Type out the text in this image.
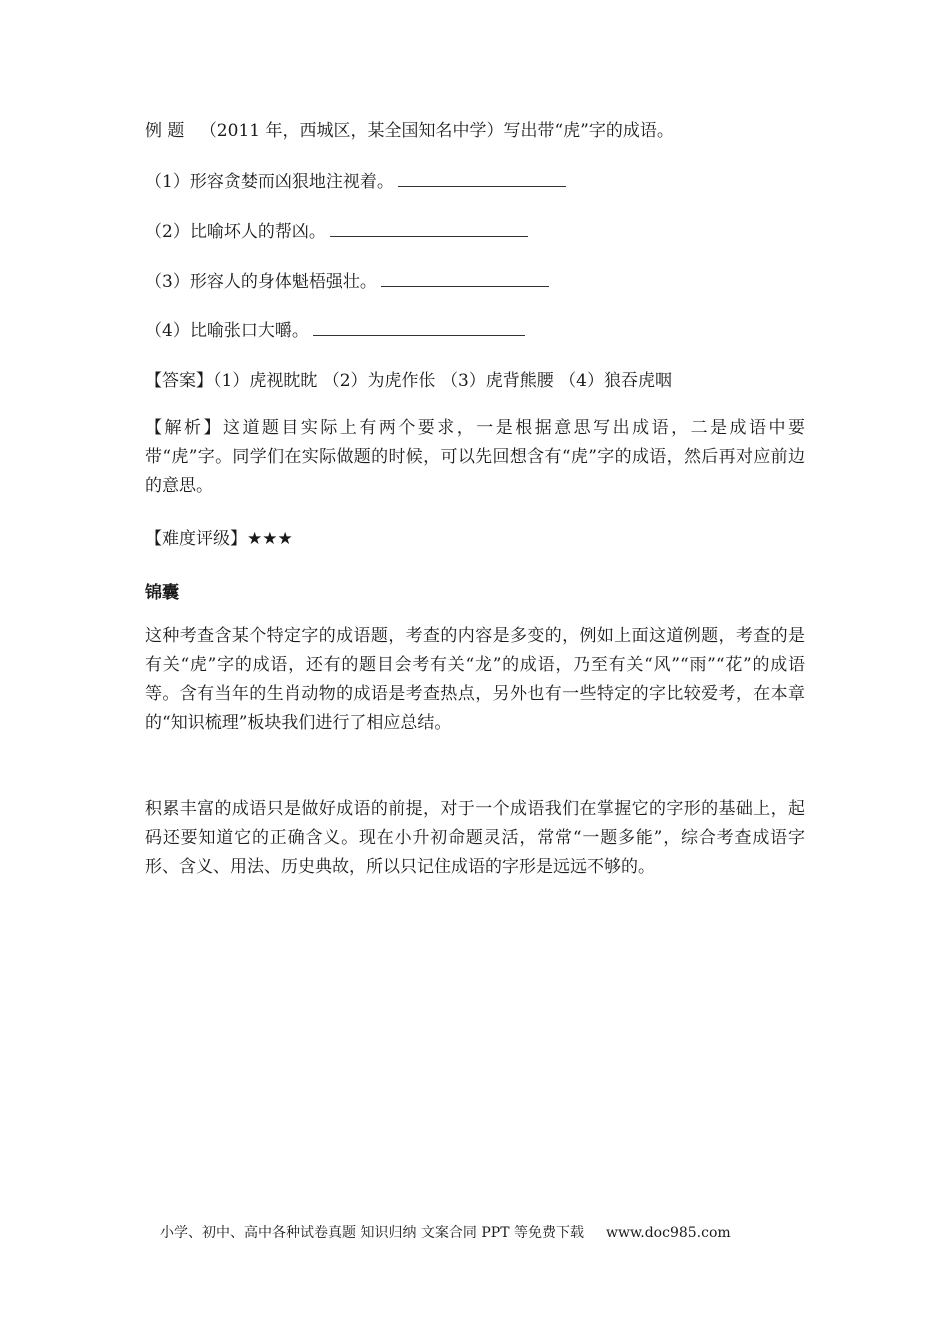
例 题 （2011 年，西城区，某全国知名中学）写出带“虎”字的成语。
（1）形容贪婪而凶狠地注视着。
（2）比喻坏人的帮凶。
（3）形容人的身体魁梧强壮。
（4）比喻张口大嚼。
【答案】（1）虎视眈眈 （2）为虎作伥 （3）虎背熊腰 （4）狼吞虎咽
【解析】这道题目实际上有两个要求，一是根据意思写出成语，二是成语中要带“虎”字。同学们在实际做题的时候，可以先回想含有“虎”字的成语，然后再对应前边的意思。
【难度评级】★★★
锦囊
这种考查含某个特定字的成语题，考查的内容是多变的，例如上面这道例题，考查的是有关“虎”字的成语，还有的题目会考有关“龙”的成语，乃至有关“风”“雨”“花”的成语等。含有当年的生肖动物的成语是考查热点，另外也有一些特定的字比较爱考，在本章的“知识梳理”板块我们进行了相应总结。
积累丰富的成语只是做好成语的前提，对于一个成语我们在掌握它的字形的基础上，起码还要知道它的正确含义。现在小升初命题灵活，常常“一题多能”，综合考查成语字形、含义、用法、历史典故，所以只记住成语的字形是远远不够的。
小学、初中、高中各种试卷真题 知识归纳 文案合同 PPT 等免费下载 www.doc985.com
